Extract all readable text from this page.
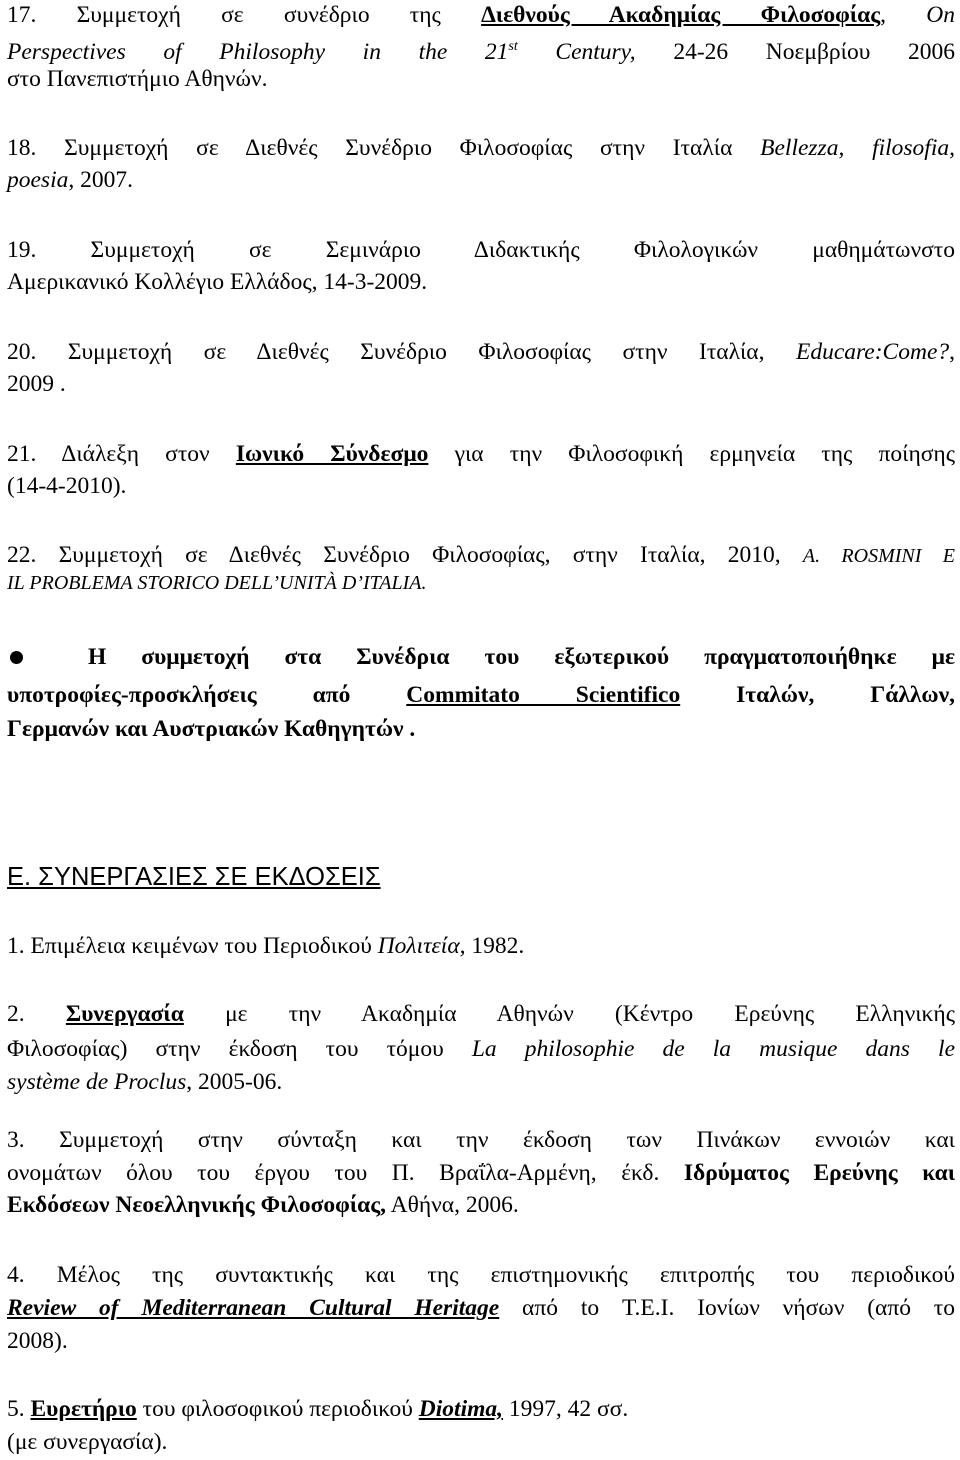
17. Συμμετοχή σε συνέδριο της Διεθνούς Ακαδημίας Φιλοσοφίας, On
Perspectives of Philosophy in the 21st Century, 24-26 Νοεμβρίου 2006
στο Πανεπιστήμιο Αθηνών.
18. Συμμετοχή σε Διεθνές Συνέδριο Φιλοσοφίας στην Ιταλία Bellezza, filosofia,
poesia, 2007.
19. Συμμετοχή σε Σεμινάριο Διδακτικής Φιλολογικών μαθημάτωνστο
Αμερικανικό Κολλέγιο Ελλάδος, 14-3-2009.
20. Συμμετοχή σε Διεθνές Συνέδριο Φιλοσοφίας στην Ιταλία, Educare:Come?,
2009 .
21. Διάλεξη στον Ιωνικό Σύνδεσμο για την Φιλοσοφική ερμηνεία της ποίησης
(14-4-2010).
22. Συμμετοχή σε Διεθνές Συνέδριο Φιλοσοφίας, στην Ιταλία, 2010, A. ROSMINI E
IL PROBLEMA STORICO DELL’UNITÀ D’ITALIA.
Η συμμετοχή στα Συνέδρια του εξωτερικού πραγματοποιήθηκε με
υποτροφίες-προσκλήσεις από Commitato Scientifico Ιταλών, Γάλλων,
Γερμανών και Αυστριακών Καθηγητών .
Ε. ΣΥΝΕΡΓΑΣΙΕΣ ΣΕ ΕΚΔΟΣΕΙΣ
1. Επιμέλεια κειμένων του Περιοδικού Πολιτεία, 1982.
2. Συνεργασία με την Ακαδημία Αθηνών (Κέντρο Ερεύνης Ελληνικής
Φιλοσοφίας) στην έκδοση του τόμου La philosophie de la musique dans le
systѐme de Proclus, 2005-06.
3. Συμμετοχή στην σύνταξη και την έκδοση των Πινάκων εννοιών και
ονομάτων όλου του έργου του Π. Βραΐλα-Αρμένη, έκδ. Ιδρύματος Ερεύνης και
Εκδόσεων Νεοελληνικής Φιλοσοφίας, Αθήνα, 2006.
4. Μέλος της συντακτικής και της επιστημονικής επιτροπής του περιοδικού
Review of Mediterranean Cultural Heritage από to Τ.Ε.Ι. Ιονίων νήσων (από το
2008).
5. Ευρετήριο του φιλοσοφικού περιοδικού Diotima, 1997, 42 σσ.
(με συνεργασία).
